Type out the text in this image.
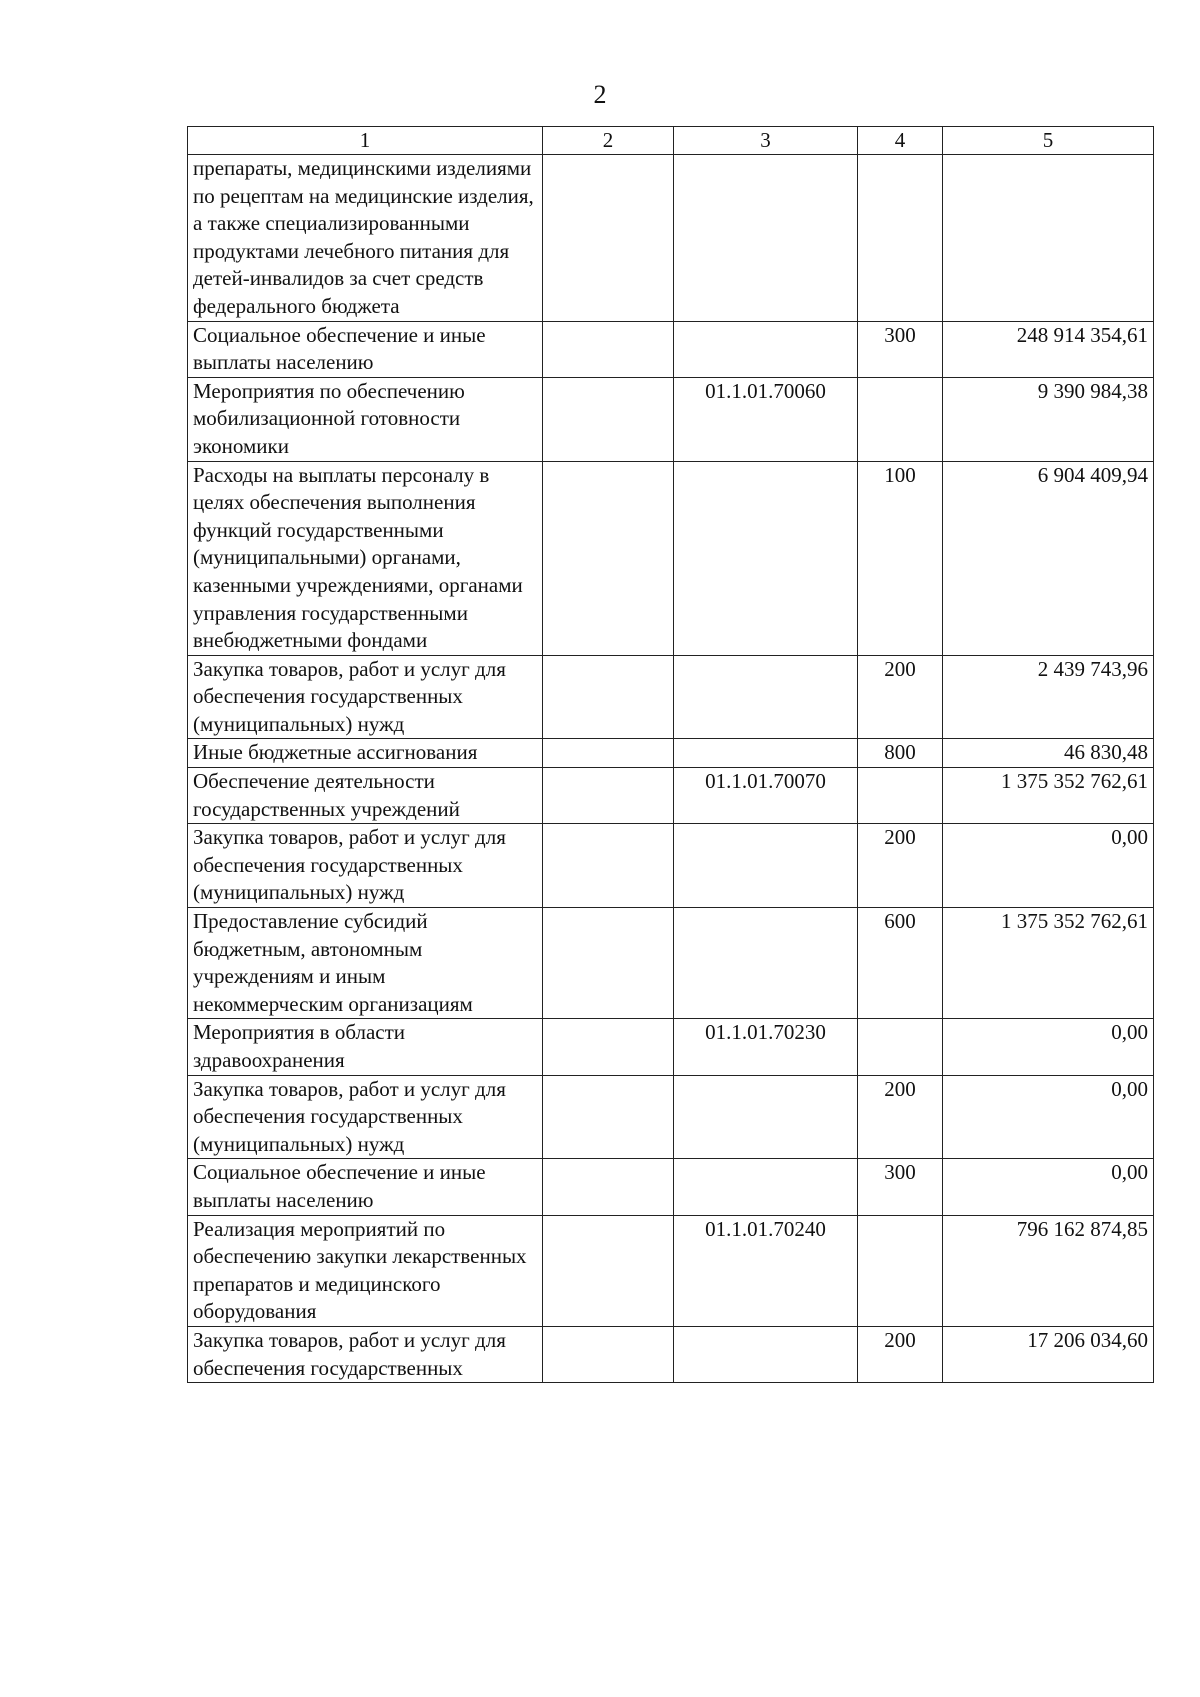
2
1	2	3	4	5
препараты, медицинскими изделиями по рецептам на медицинские изделия, а также специализированными продуктами лечебного питания для детей-инвалидов за счет средств федерального бюджета				
Социальное обеспечение и иные выплаты населению			300	248 914 354,61
Мероприятия по обеспечению мобилизационной готовности экономики		01.1.01.70060		9 390 984,38
Расходы на выплаты персоналу в целях обеспечения выполнения функций государственными (муниципальными) органами, казенными учреждениями, органами управления государственными внебюджетными фондами			100	6 904 409,94
Закупка товаров, работ и услуг для обеспечения государственных (муниципальных) нужд			200	2 439 743,96
Иные бюджетные ассигнования			800	46 830,48
Обеспечение деятельности государственных учреждений		01.1.01.70070		1 375 352 762,61
Закупка товаров, работ и услуг для обеспечения государственных (муниципальных) нужд			200	0,00
Предоставление субсидий бюджетным, автономным учреждениям и иным некоммерческим организациям			600	1 375 352 762,61
Мероприятия в области здравоохранения		01.1.01.70230		0,00
Закупка товаров, работ и услуг для обеспечения государственных (муниципальных) нужд			200	0,00
Социальное обеспечение и иные выплаты населению			300	0,00
Реализация мероприятий по обеспечению закупки лекарственных препаратов и медицинского оборудования		01.1.01.70240		796 162 874,85
Закупка товаров, работ и услуг для обеспечения государственных			200	17 206 034,60
